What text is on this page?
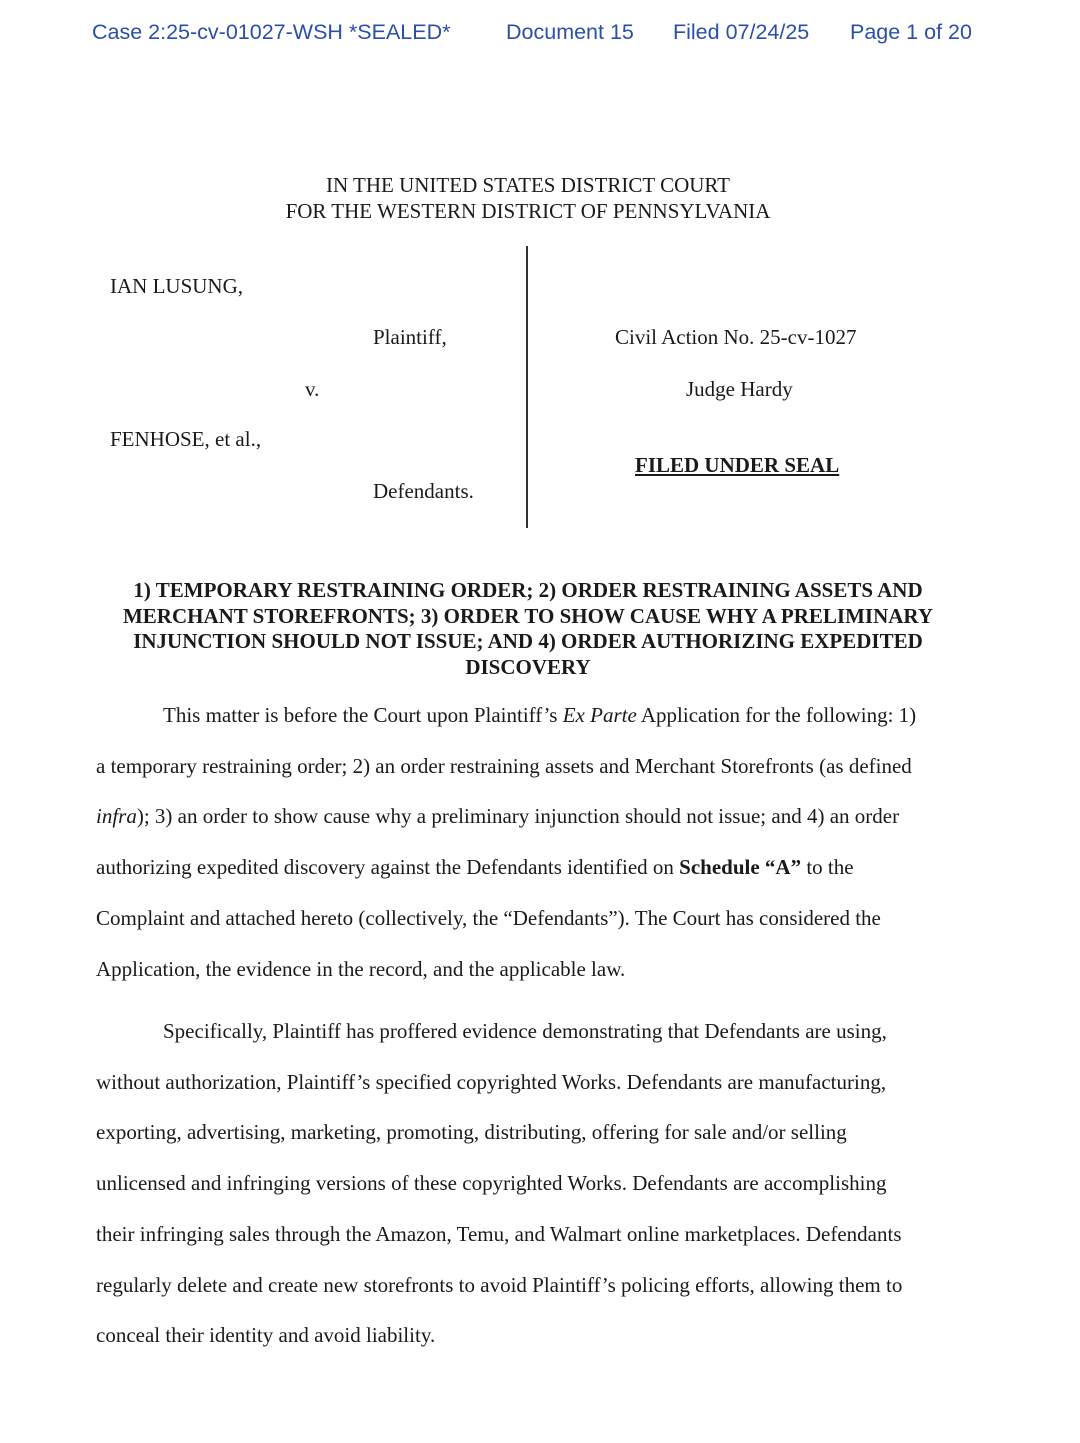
Case 2:25-cv-01027-WSH *SEALED*	Document 15 Filed 07/24/25 Page 1 of 20
IN THE UNITED STATES DISTRICT COURT
FOR THE WESTERN DISTRICT OF PENNSYLVANIA
IAN LUSUNG,
Plaintiff,
v.
FENHOSE, et al.,
Defendants.
Civil Action No. 25-cv-1027
Judge Hardy
FILED UNDER SEAL
1) TEMPORARY RESTRAINING ORDER; 2) ORDER RESTRAINING ASSETS AND
MERCHANT STOREFRONTS; 3) ORDER TO SHOW CAUSE WHY A PRELIMINARY
INJUNCTION SHOULD NOT ISSUE; AND 4) ORDER AUTHORIZING EXPEDITED
DISCOVERY
This matter is before the Court upon Plaintiff’s Ex Parte Application for the following: 1)
a temporary restraining order; 2) an order restraining assets and Merchant Storefronts (as defined
infra); 3) an order to show cause why a preliminary injunction should not issue; and 4) an order
authorizing expedited discovery against the Defendants identified on Schedule “A” to the
Complaint and attached hereto (collectively, the “Defendants”). The Court has considered the
Application, the evidence in the record, and the applicable law.
Specifically, Plaintiff has proffered evidence demonstrating that Defendants are using,
without authorization, Plaintiff’s specified copyrighted Works. Defendants are manufacturing,
exporting, advertising, marketing, promoting, distributing, offering for sale and/or selling
unlicensed and infringing versions of these copyrighted Works. Defendants are accomplishing
their infringing sales through the Amazon, Temu, and Walmart online marketplaces. Defendants
regularly delete and create new storefronts to avoid Plaintiff’s policing efforts, allowing them to
conceal their identity and avoid liability.
